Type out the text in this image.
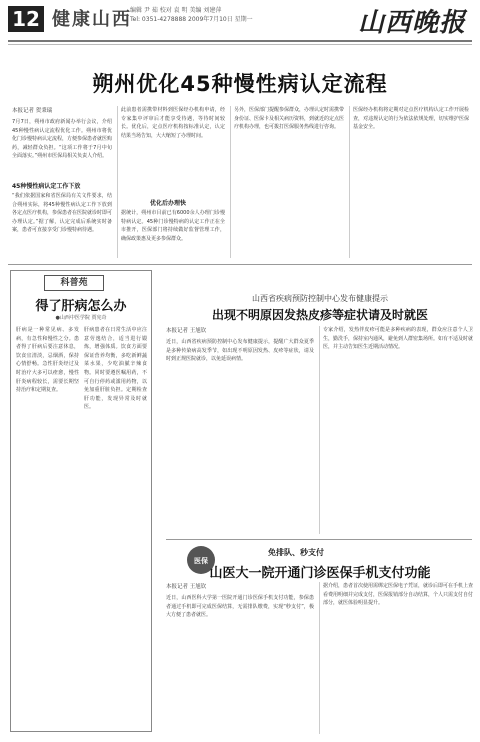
12 健康山西
编辑 尹 茹 校对 袁 明 美编 刘建萍
Tel: 0351-4278888 2009年7月10日 星期一	山西晚报
朔州优化45种慢性病认定流程
本报记者 贺秉瑞
7月7日，朔州市政府新闻办举行会议，介绍45种慢性病认定流程优化工作。朔州市将优化门诊慢特病认定流程，方便参保患者就医购药，减轻群众负担。“这项工作将于7月中旬全面落实。”朔州市医保局相关负责人介绍。
45种慢性病认定工作下放
“我们依据国家和省医保局有关文件要求，结合朔州实际，将45种慢性病认定工作下放到各定点医疗机构，参保患者在医院就诊时即可办理认定。”据了解，认定完成后系统实时备案，患者可直接享受门诊慢特病待遇。
此前患者需携带材料到医保经办机构申请，经专家集中评审后才能享受待遇，等待时间较长。优化后，定点医疗机构按标准认定，认定结果当场告知，大大缩短了办理时间。
优化后办理快
据统计，朔州市目前已有6000余人办理门诊慢特病认定。45种门诊慢特病的认定工作正在全市推开，医保部门将持续做好监督管理工作，确保政策惠及更多参保群众。
另外，医保部门提醒参保群众，办理认定时需携带身份证、医保卡及相关病历资料，到就近的定点医疗机构办理，也可拨打医保服务热线进行咨询。
医保经办机构将定期对定点医疗机构认定工作开展检查，对违规认定的行为依法依规处理，切实维护医保基金安全。
科普苑
得了肝病怎么办
●山西中医学院 贾宪奇
肝病是一种常见病、多发病，有急性和慢性之分。患者得了肝病后要注意休息，饮食宜清淡，忌烟酒，保持心情舒畅。急性肝炎经过及时治疗大多可以痊愈，慢性肝炎病程较长，需要长期坚持治疗和定期复查。
肝病患者在日常生活中应注意劳逸结合，适当进行锻炼，增强体质。饮食方面要保证营养均衡，多吃新鲜蔬菜水果，少吃油腻辛辣食物。同时要遵医嘱用药，不可自行停药或滥用药物，以免加重肝脏负担。定期检查肝功能，发现异常及时就医。
山西省疾病预防控制中心发布健康提示
出现不明原因发热皮疹等症状请及时就医
本报记者 王旭钦
近日，山西省疾病预防控制中心发布健康提示，提醒广大群众夏季是多种传染病高发季节，如出现不明原因发热、皮疹等症状，请及时到正规医院就诊，以免延误病情。
专家介绍，发热伴皮疹可能是多种疾病的表现，群众应注意个人卫生，勤洗手，保持室内通风，避免到人群密集场所。如有不适及时就医，并主动告知医生近期活动情况。
医保
免排队、秒支付
山医大一院开通门诊医保手机支付功能
本报记者 王旭钦
近日，山西医科大学第一医院开通门诊医保手机支付功能，参保患者通过手机即可完成医保结算，无需排队缴费，实现“秒支付”，极大方便了患者就医。
据介绍，患者首次使用需绑定医保电子凭证，就诊后即可在手机上查看费用明细并完成支付，医保报销部分自动结算，个人只需支付自付部分，就医体验明显提升。
